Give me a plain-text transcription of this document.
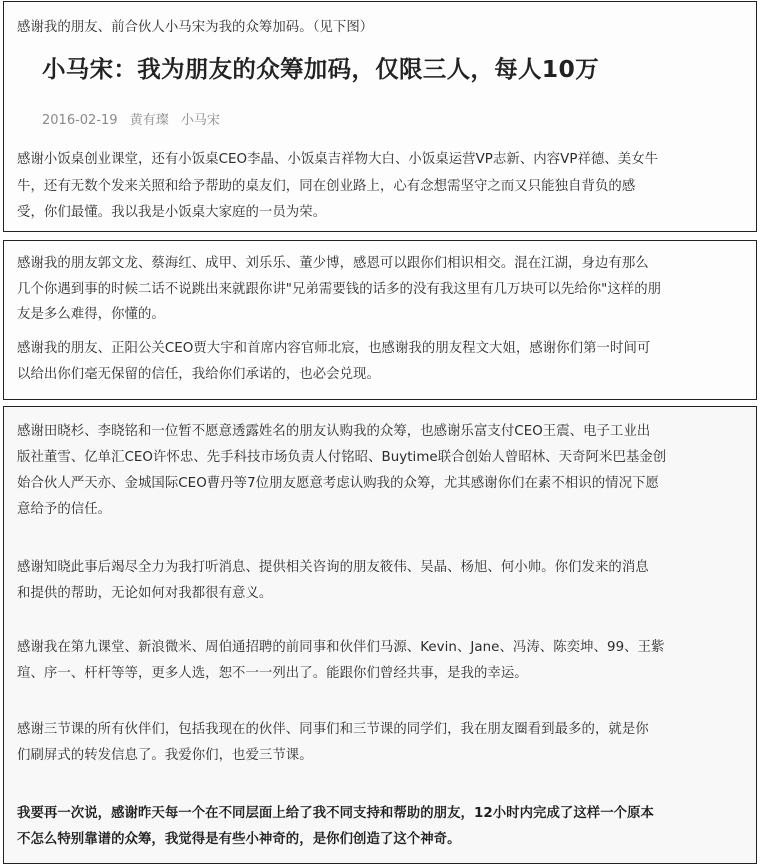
感谢我的朋友、前合伙人小马宋为我的众筹加码。（见下图）

小马宋：我为朋友的众筹加码，仅限三人，每人10万
2016-02-19 黄有璨 小马宋

感谢小饭桌创业课堂，还有小饭桌CEO李晶、小饭桌吉祥物大白、小饭桌运营VP志新、内容VP祥德、美女牛

牛，还有无数个发来关照和给予帮助的桌友们，同在创业路上，心有念想需坚守之而又只能独自背负的感

受，你们最懂。我以我是小饭桌大家庭的一员为荣。

感谢我的朋友郭文龙、蔡海红、成甲、刘乐乐、董少博，感恩可以跟你们相识相交。混在江湖，身边有那么

几个你遇到事的时候二话不说跳出来就跟你讲"兄弟需要钱的话多的没有我这里有几万块可以先给你"这样的朋

友是多么难得，你懂的。

感谢我的朋友、正阳公关CEO贾大宇和首席内容官师北宸，也感谢我的朋友程文大姐，感谢你们第一时间可

以给出你们毫无保留的信任，我给你们承诺的，也必会兑现。

感谢田晓杉、李晓铭和一位暂不愿意透露姓名的朋友认购我的众筹，也感谢乐富支付CEO王震、电子工业出

版社董雪、亿单汇CEO许怀忠、先手科技市场负责人付铭昭、Buytime联合创始人曾昭林、天奇阿米巴基金创

始合伙人严天亦、金城国际CEO曹丹等7位朋友愿意考虑认购我的众筹，尤其感谢你们在素不相识的情况下愿

意给予的信任。

感谢知晓此事后竭尽全力为我打听消息、提供相关咨询的朋友筱伟、吴晶、杨旭、何小帅。你们发来的消息

和提供的帮助，无论如何对我都很有意义。

感谢我在第九课堂、新浪微米、周伯通招聘的前同事和伙伴们马源、Kevin、Jane、冯涛、陈奕坤、99、王紫

瑄、序一、杆杆等等，更多人选，恕不一一列出了。能跟你们曾经共事，是我的幸运。

感谢三节课的所有伙伴们，包括我现在的伙伴、同事们和三节课的同学们，我在朋友圈看到最多的，就是你

们刷屏式的转发信息了。我爱你们，也爱三节课。

我要再一次说，感谢昨天每一个在不同层面上给了我不同支持和帮助的朋友，12小时内完成了这样一个原本

不怎么特别靠谱的众筹，我觉得是有些小神奇的，是你们创造了这个神奇。
